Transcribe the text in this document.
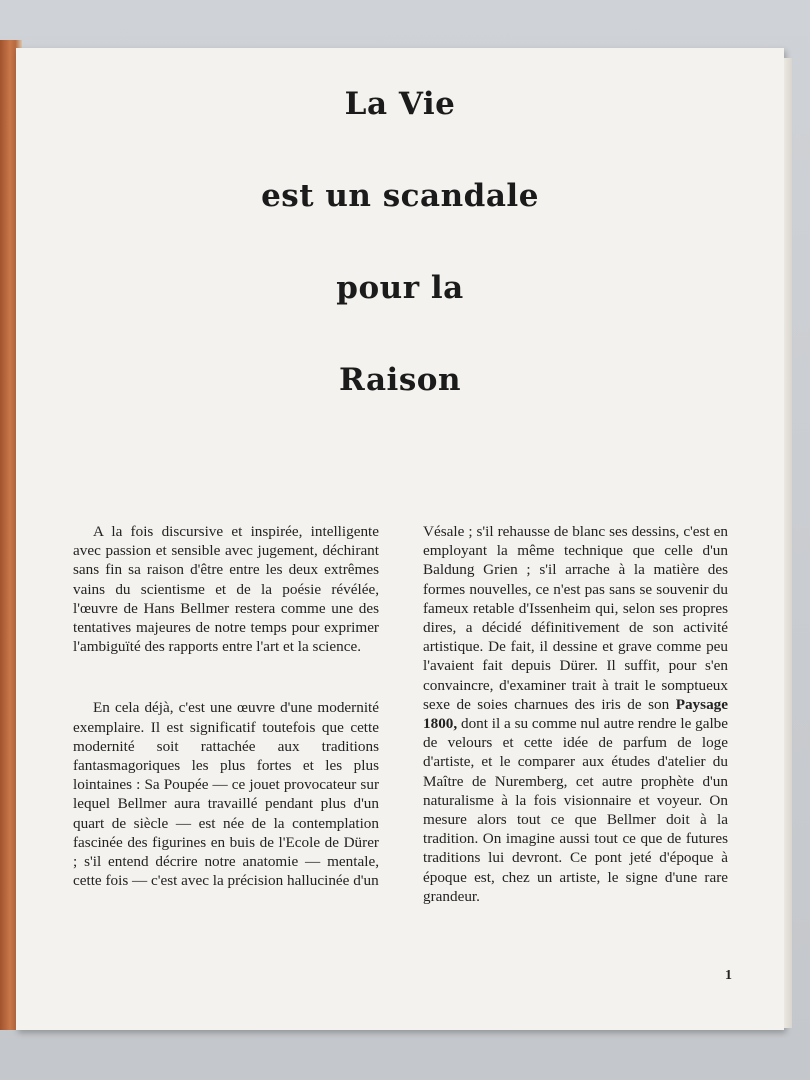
La Vie
est un scandale
pour la
Raison

A la fois discursive et inspirée, intelligente avec passion et sensible avec jugement, déchirant sans fin sa raison d'être entre les deux extrêmes vains du scientisme et de la poésie révélée, l'œuvre de Hans Bellmer restera comme une des tentatives majeures de notre temps pour exprimer l'ambiguïté des rapports entre l'art et la science.

En cela déjà, c'est une œuvre d'une modernité exemplaire. Il est significatif toutefois que cette modernité soit rattachée aux traditions fantasmagoriques les plus fortes et les plus lointaines : Sa Poupée — ce jouet provocateur sur lequel Bellmer aura travaillé pendant plus d'un quart de siècle — est née de la contemplation fascinée des figurines en buis de l'Ecole de Dürer ; s'il entend décrire notre anatomie — mentale, cette fois — c'est avec la précision hallucinée d'un

Vésale ; s'il rehausse de blanc ses dessins, c'est en employant la même technique que celle d'un Baldung Grien ; s'il arrache à la matière des formes nouvelles, ce n'est pas sans se souvenir du fameux retable d'Issenheim qui, selon ses propres dires, a décidé définitivement de son activité artistique. De fait, il dessine et grave comme peu l'avaient fait depuis Dürer. Il suffit, pour s'en convaincre, d'examiner trait à trait le somptueux sexe de soies charnues des iris de son Paysage 1800, dont il a su comme nul autre rendre le galbe de velours et cette idée de parfum de loge d'artiste, et le comparer aux études d'atelier du Maître de Nuremberg, cet autre prophète d'un naturalisme à la fois visionnaire et voyeur. On mesure alors tout ce que Bellmer doit à la tradition. On imagine aussi tout ce que de futures traditions lui devront. Ce pont jeté d'époque à époque est, chez un artiste, le signe d'une rare grandeur.

1
